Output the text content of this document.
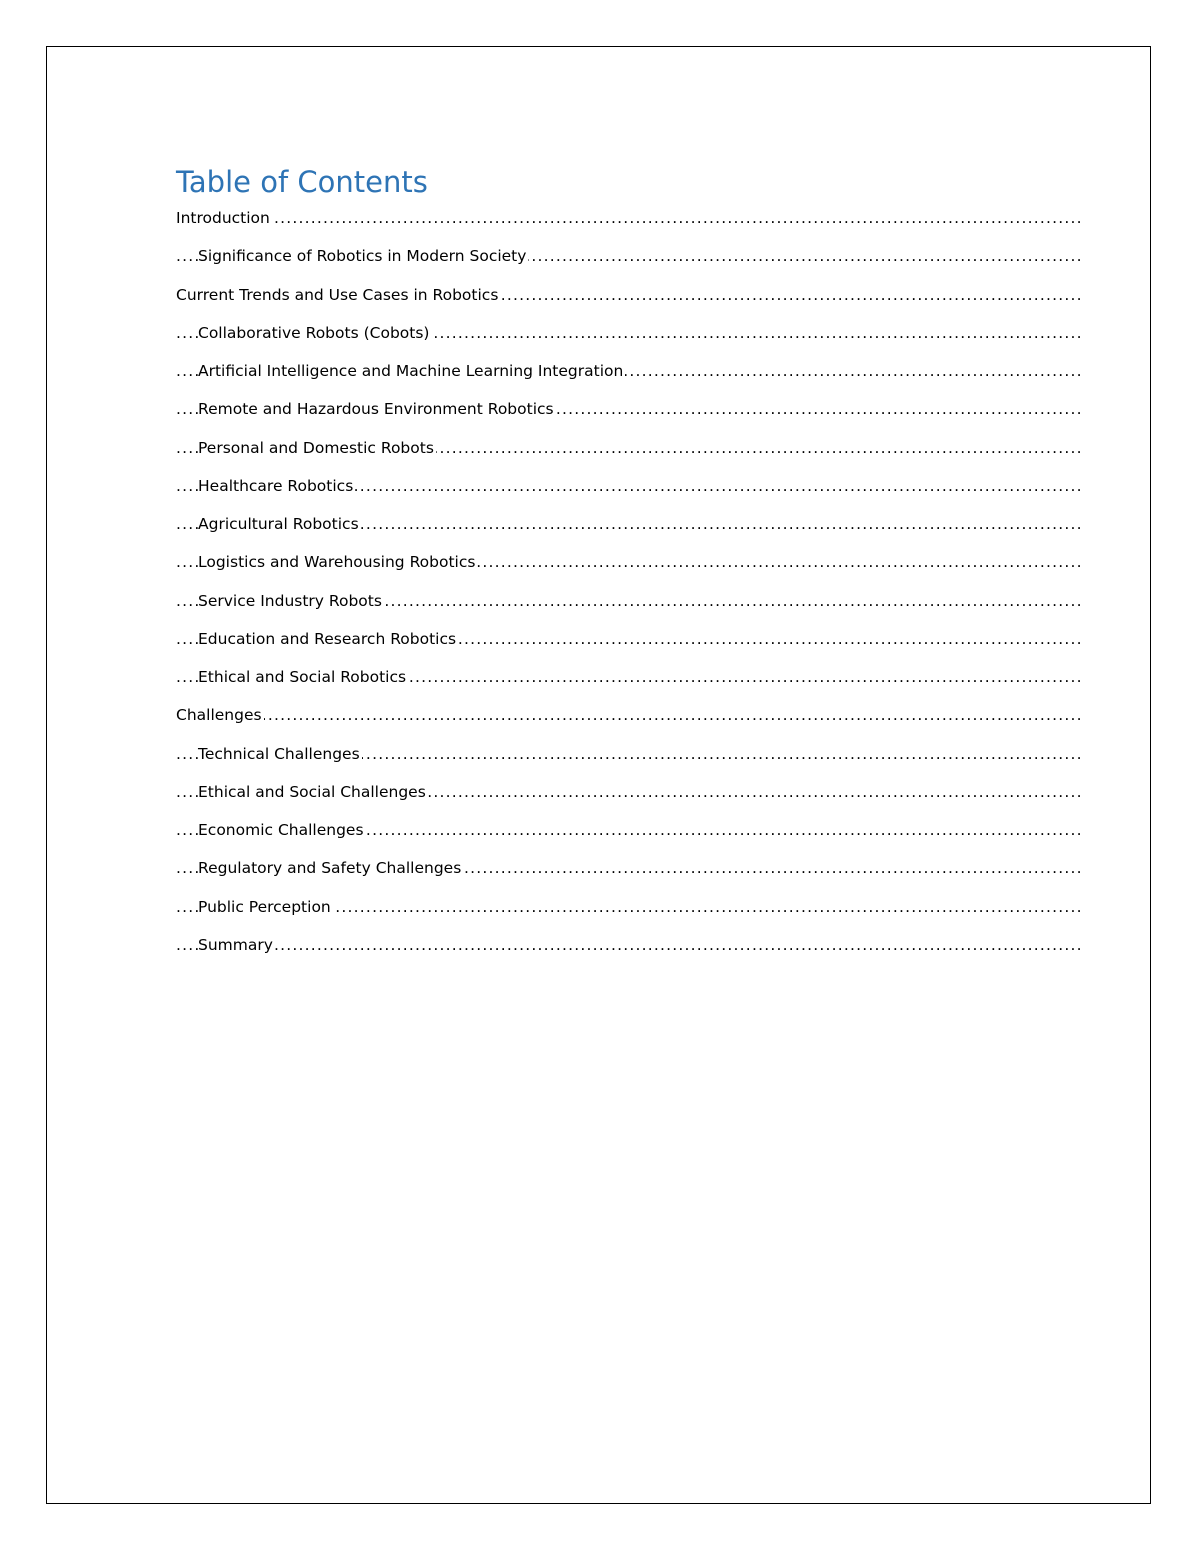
Table of Contents
.....
Introduction
.....
Significance of Robotics in Modern Society
.....
Current Trends and Use Cases in Robotics
.....
Collaborative Robots (Cobots)
.....
Artificial Intelligence and Machine Learning Integration
.....
Remote and Hazardous Environment Robotics
.....
Personal and Domestic Robots
.....
Healthcare Robotics
.....
Agricultural Robotics
.....
Logistics and Warehousing Robotics
.....
Service Industry Robots
.....
Education and Research Robotics
.....
Ethical and Social Robotics
.....
Challenges
.....
Technical Challenges
.....
Ethical and Social Challenges
.....
Economic Challenges
.....
Regulatory and Safety Challenges
.....
Public Perception
.....
Summary
